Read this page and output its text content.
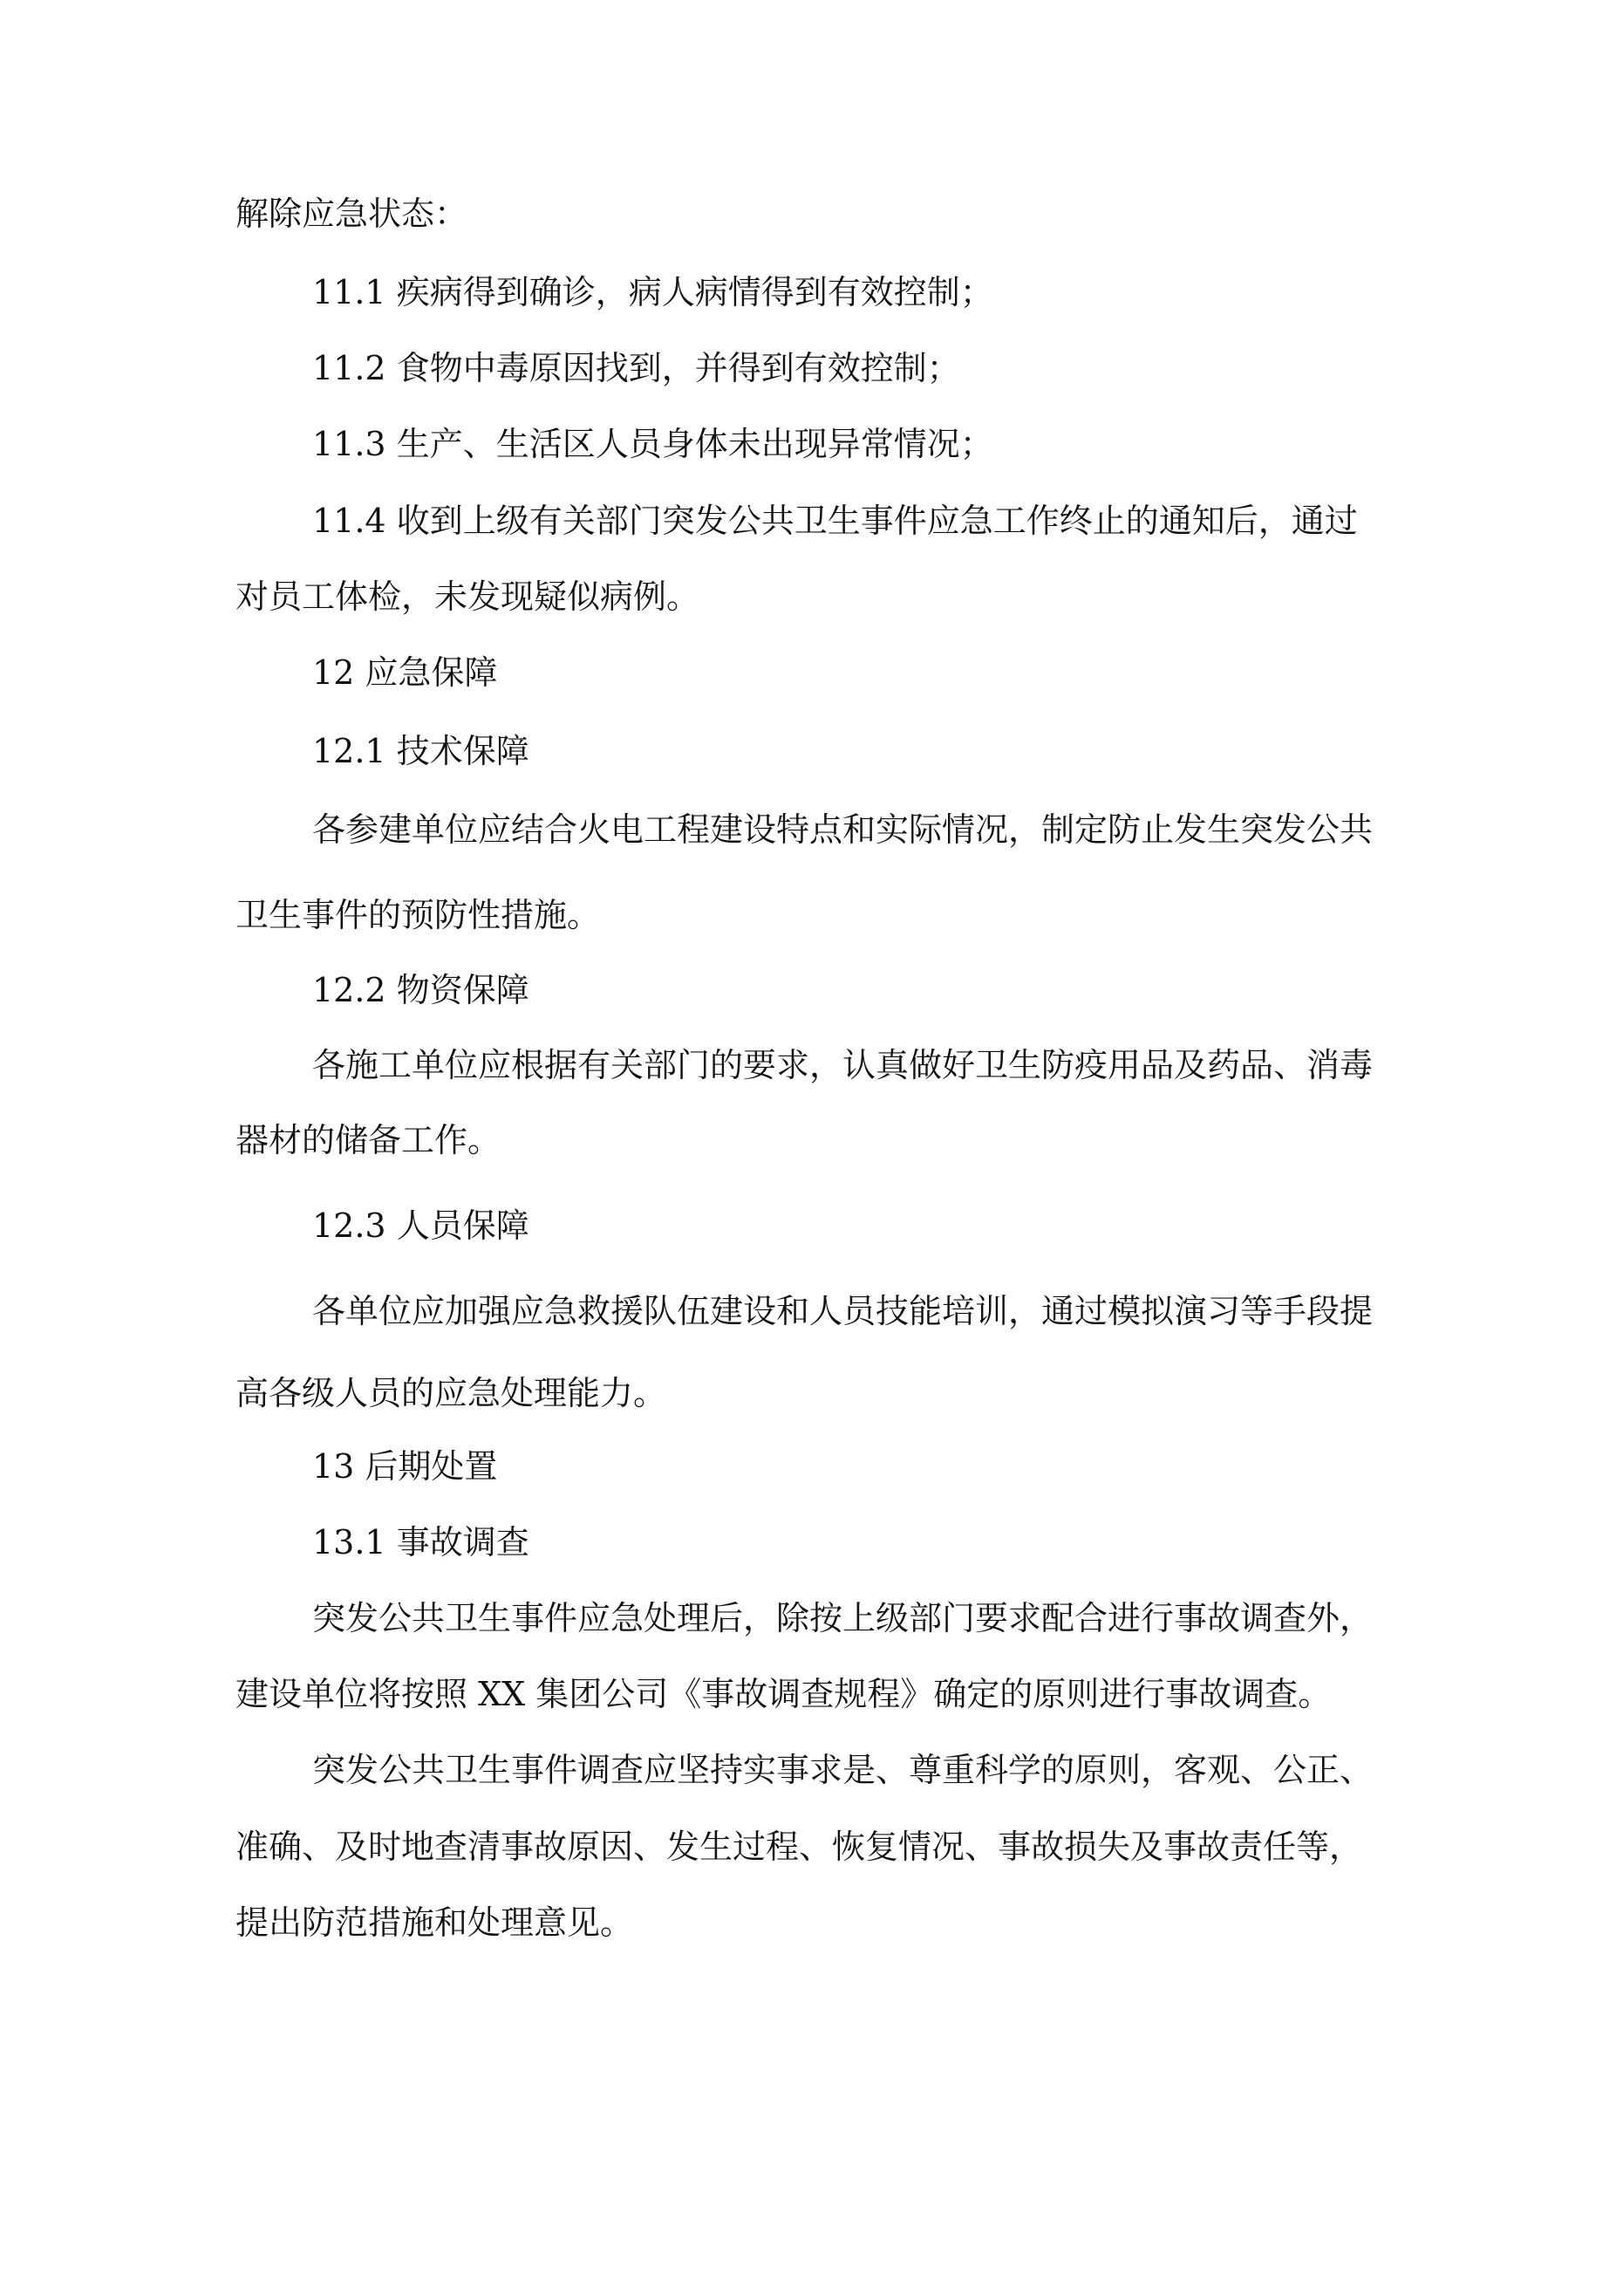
解除应急状态：

11.1 疾病得到确诊，病人病情得到有效控制；

11.2 食物中毒原因找到，并得到有效控制；

11.3 生产、生活区人员身体未出现异常情况；

11.4 收到上级有关部门突发公共卫生事件应急工作终止的通知后，通过

对员工体检，未发现疑似病例。

12 应急保障

12.1 技术保障

各参建单位应结合火电工程建设特点和实际情况，制定防止发生突发公共

卫生事件的预防性措施。

12.2 物资保障

各施工单位应根据有关部门的要求，认真做好卫生防疫用品及药品、消毒

器材的储备工作。

12.3 人员保障

各单位应加强应急救援队伍建设和人员技能培训，通过模拟演习等手段提

高各级人员的应急处理能力。

13 后期处置

13.1 事故调查

突发公共卫生事件应急处理后，除按上级部门要求配合进行事故调查外，

建设单位将按照 XX 集团公司《事故调查规程》确定的原则进行事故调查。

突发公共卫生事件调查应坚持实事求是、尊重科学的原则，客观、公正、

准确、及时地查清事故原因、发生过程、恢复情况、事故损失及事故责任等，

提出防范措施和处理意见。
